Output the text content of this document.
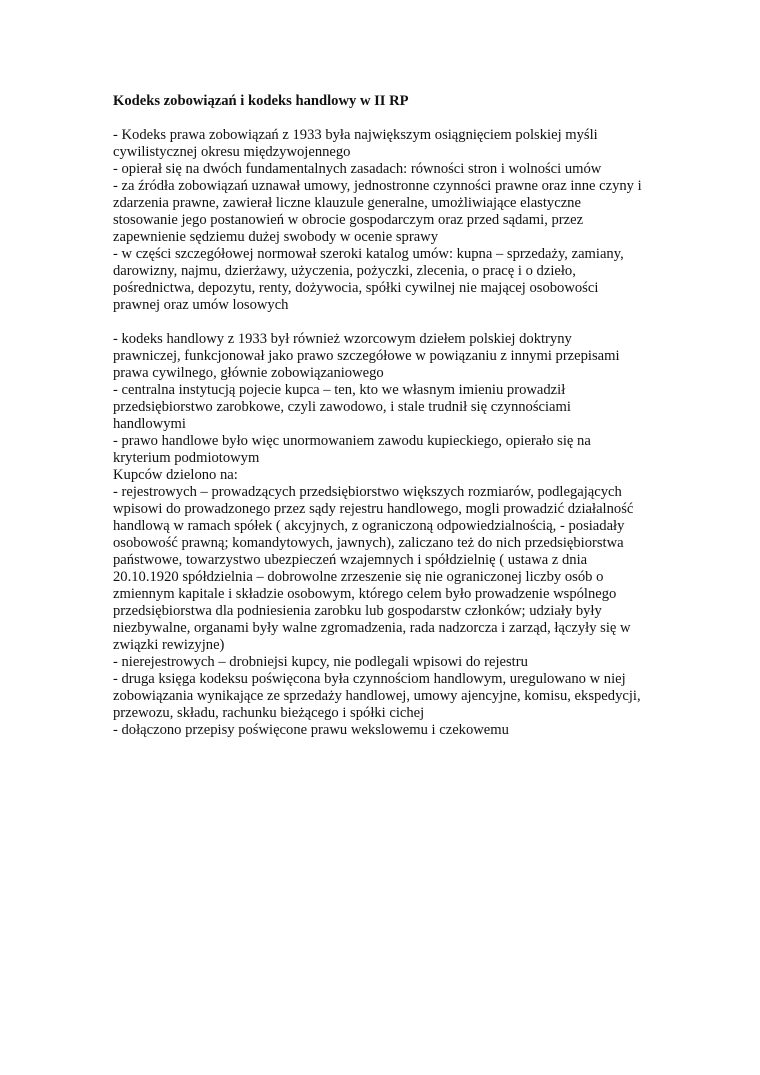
Kodeks zobowiązań i kodeks handlowy w II RP
- Kodeks prawa zobowiązań z 1933 była największym osiągnięciem polskiej myśli
cywilistycznej okresu międzywojennego
- opierał się na dwóch fundamentalnych zasadach: równości stron i wolności umów
- za źródła zobowiązań uznawał umowy, jednostronne czynności prawne oraz inne czyny i
zdarzenia prawne, zawierał liczne klauzule generalne, umożliwiające elastyczne
stosowanie jego postanowień w obrocie gospodarczym oraz przed sądami, przez
zapewnienie sędziemu dużej swobody w ocenie sprawy
- w części szczegółowej normował szeroki katalog umów: kupna – sprzedaży, zamiany,
darowizny, najmu, dzierżawy, użyczenia, pożyczki, zlecenia, o pracę i o dzieło,
pośrednictwa, depozytu, renty, dożywocia, spółki cywilnej nie mającej osobowości
prawnej oraz umów losowych
- kodeks handlowy z 1933 był również wzorcowym dziełem polskiej doktryny
prawniczej, funkcjonował jako prawo szczegółowe w powiązaniu z innymi przepisami
prawa cywilnego, głównie zobowiązaniowego
- centralna instytucją pojecie kupca – ten, kto we własnym imieniu prowadził
przedsiębiorstwo zarobkowe, czyli zawodowo, i stale trudnił się czynnościami
handlowymi
- prawo handlowe było więc unormowaniem zawodu kupieckiego, opierało się na
kryterium podmiotowym
Kupców dzielono na:
- rejestrowych – prowadzących przedsiębiorstwo większych rozmiarów, podlegających
wpisowi do prowadzonego przez sądy rejestru handlowego, mogli prowadzić działalność
handlową w ramach spółek ( akcyjnych, z ograniczoną odpowiedzialnością, - posiadały
osobowość prawną; komandytowych, jawnych), zaliczano też do nich przedsiębiorstwa
państwowe, towarzystwo ubezpieczeń wzajemnych i spółdzielnię ( ustawa z dnia
20.10.1920 spółdzielnia – dobrowolne zrzeszenie się nie ograniczonej liczby osób o
zmiennym kapitale i składzie osobowym, którego celem było prowadzenie wspólnego
przedsiębiorstwa dla podniesienia zarobku lub gospodarstw członków; udziały były
niezbywalne, organami były walne zgromadzenia, rada nadzorcza i zarząd, łączyły się w
związki rewizyjne)
- nierejestrowych – drobniejsi kupcy, nie podlegali wpisowi do rejestru
- druga księga kodeksu poświęcona była czynnościom handlowym, uregulowano w niej
zobowiązania wynikające ze sprzedaży handlowej, umowy ajencyjne, komisu, ekspedycji,
przewozu, składu, rachunku bieżącego i spółki cichej
- dołączono przepisy poświęcone prawu wekslowemu i czekowemu
